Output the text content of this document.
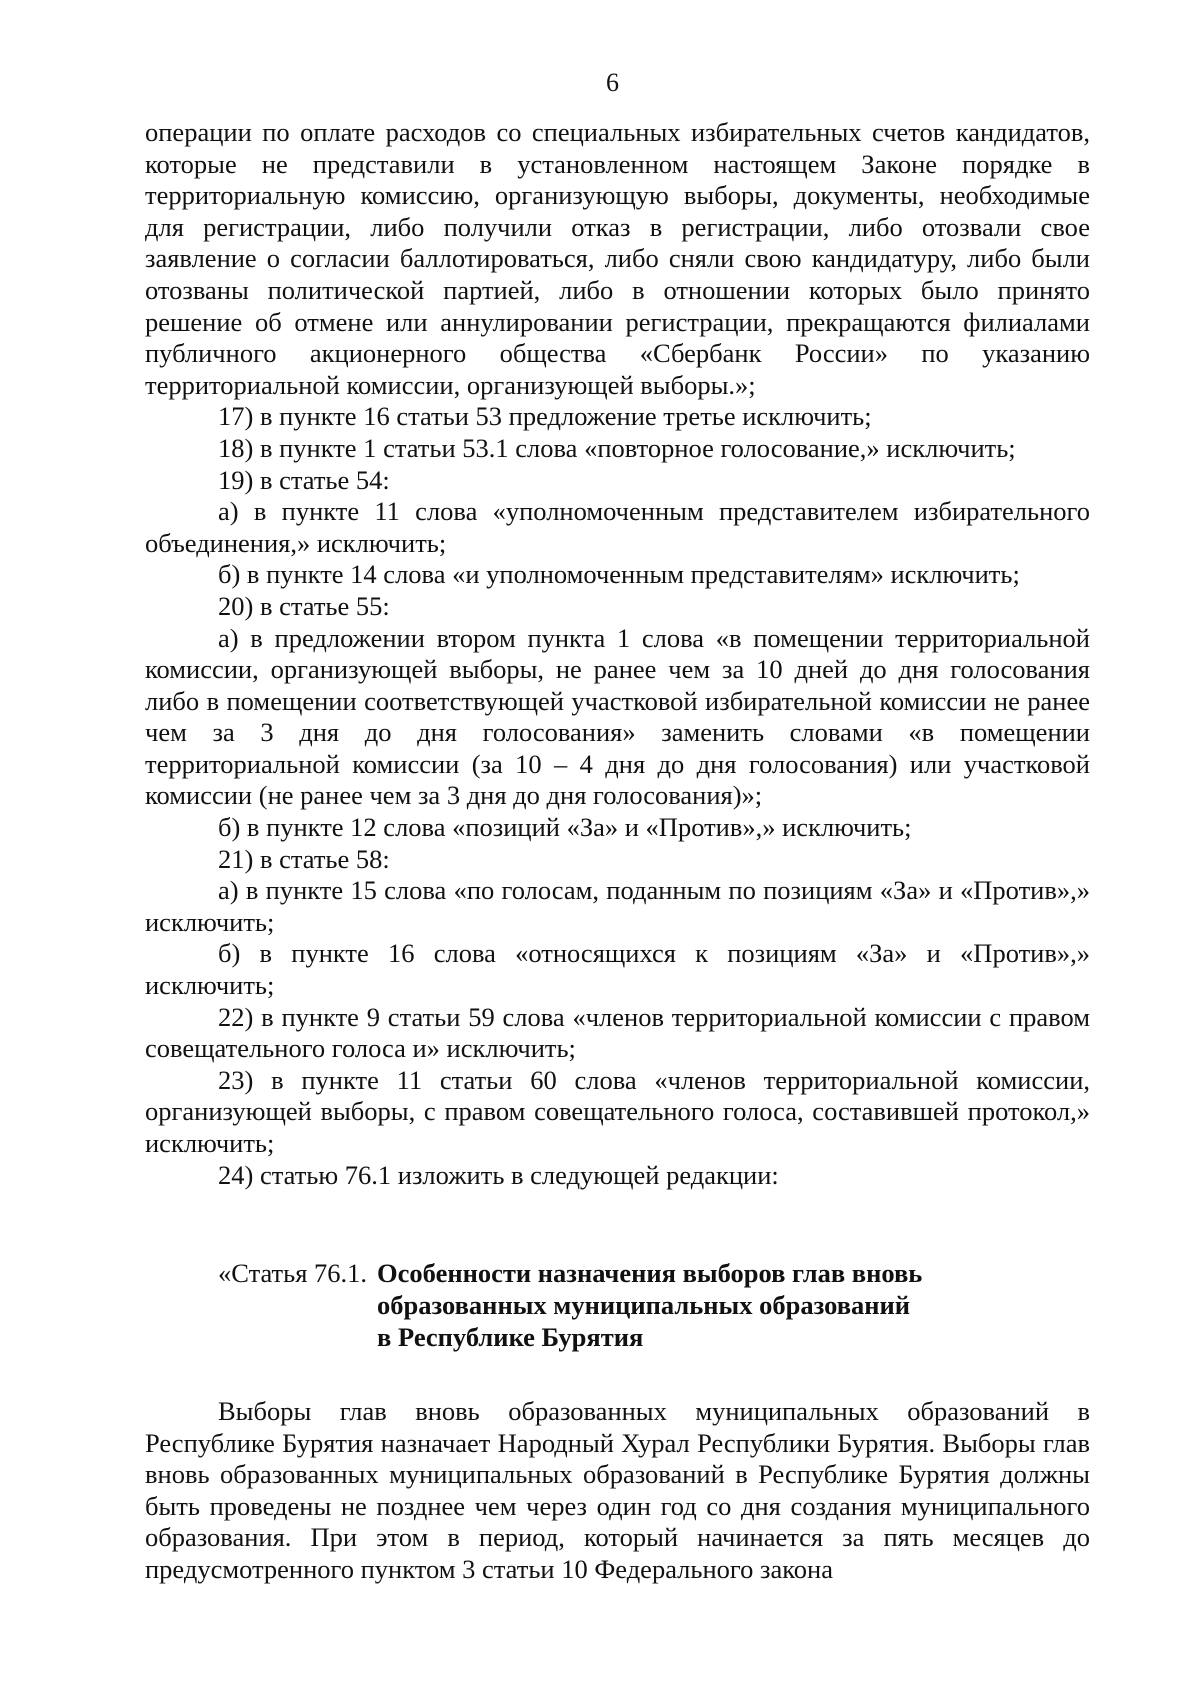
6

операции по оплате расходов со специальных избирательных счетов кандидатов, которые не представили в установленном настоящем Законе порядке в территориальную комиссию, организующую выборы, документы, необходимые для регистрации, либо получили отказ в регистрации, либо отозвали свое заявление о согласии баллотироваться, либо сняли свою кандидатуру, либо были отозваны политической партией, либо в отношении которых было принято решение об отмене или аннулировании регистрации, прекращаются филиалами публичного акционерного общества «Сбербанк России» по указанию территориальной комиссии, организующей выборы.»;

17) в пункте 16 статьи 53 предложение третье исключить;

18) в пункте 1 статьи 53.1 слова «повторное голосование,» исключить;

19) в статье 54:

а) в пункте 11 слова «уполномоченным представителем избирательного объединения,» исключить;

б) в пункте 14 слова «и уполномоченным представителям» исключить;

20) в статье 55:

а) в предложении втором пункта 1 слова «в помещении территориальной комиссии, организующей выборы, не ранее чем за 10 дней до дня голосования либо в помещении соответствующей участковой избирательной комиссии не ранее чем за 3 дня до дня голосования» заменить словами «в помещении территориальной комиссии (за 10 – 4 дня до дня голосования) или участковой комиссии (не ранее чем за 3 дня до дня голосования)»;

б) в пункте 12 слова «позиций «За» и «Против»,» исключить;

21) в статье 58:

а) в пункте 15 слова «по голосам, поданным по позициям «За» и «Против»,» исключить;

б) в пункте 16 слова «относящихся к позициям «За» и «Против»,» исключить;

22) в пункте 9 статьи 59 слова «членов территориальной комиссии с правом совещательного голоса и» исключить;

23) в пункте 11 статьи 60 слова «членов территориальной комиссии, организующей выборы, с правом совещательного голоса, составившей протокол,» исключить;

24) статью 76.1 изложить в следующей редакции:

«Статья 76.1. Особенности назначения выборов глав вновь
образованных муниципальных образований
в Республике Бурятия

Выборы глав вновь образованных муниципальных образований в Республике Бурятия назначает Народный Хурал Республики Бурятия. Выборы глав вновь образованных муниципальных образований в Республике Бурятия должны быть проведены не позднее чем через один год со дня создания муниципального образования. При этом в период, который начинается за пять месяцев до предусмотренного пунктом 3 статьи 10 Федерального закона
